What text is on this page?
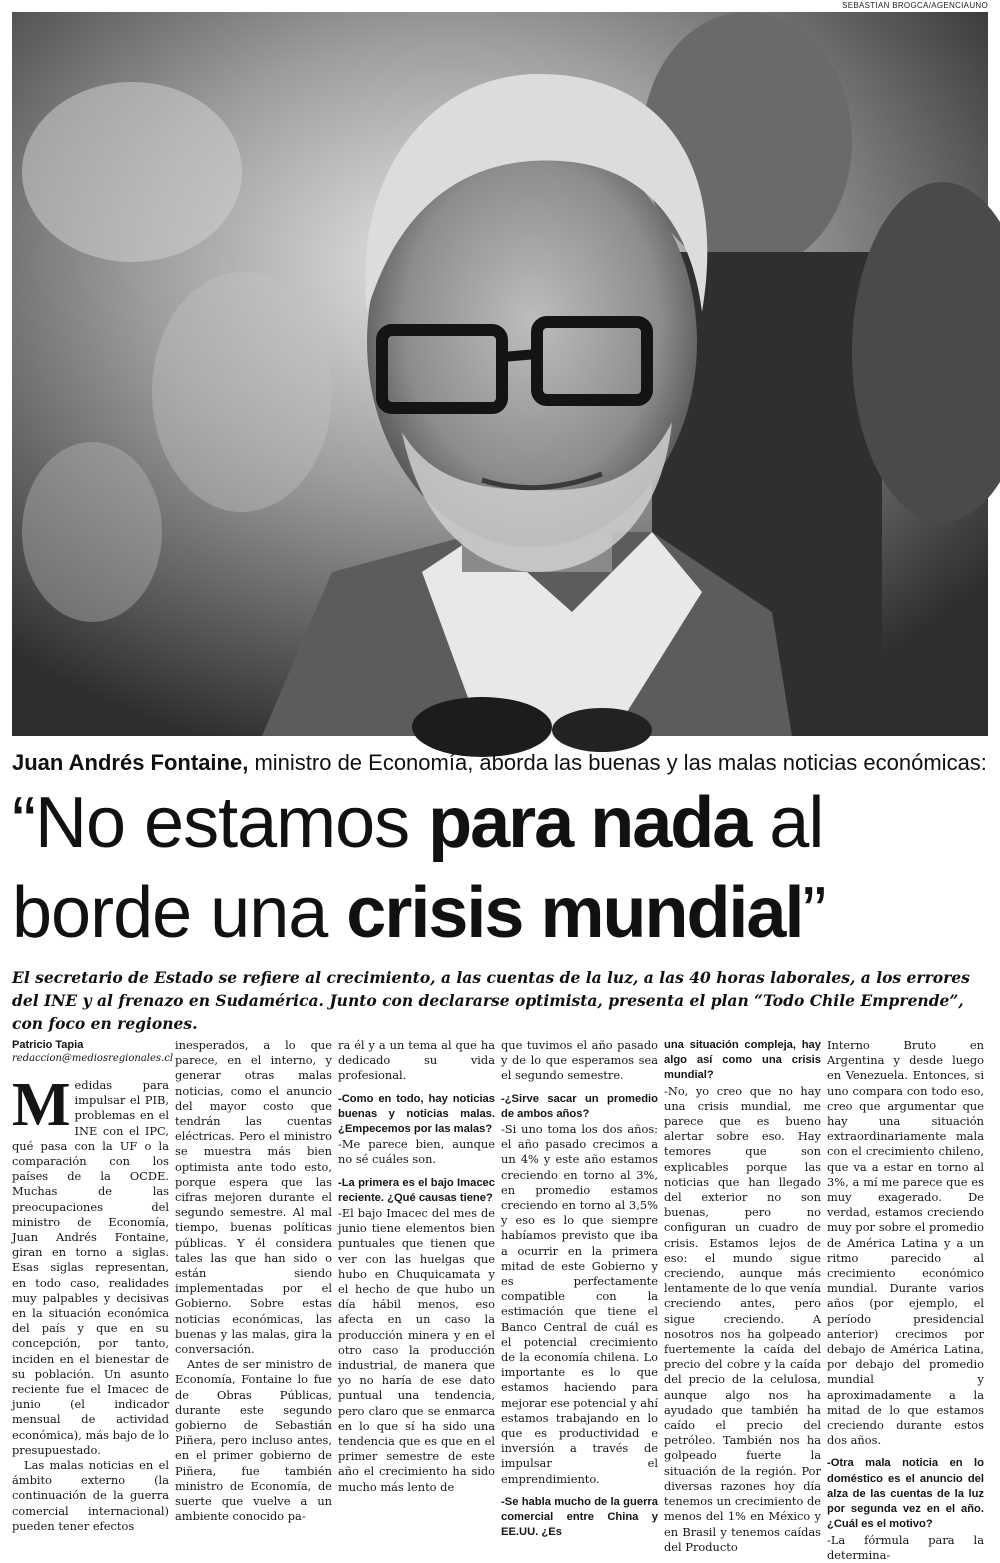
SEBASTIAN BROGCA/AGENCIAUNO
Juan Andrés Fontaine, ministro de Economía, aborda las buenas y las malas noticias económicas:
“No estamos para nada al
borde una crisis mundial”
El secretario de Estado se refiere al crecimiento, a las cuentas de la luz, a las 40 horas laborales, a los errores del INE y al frenazo en Sudamérica. Junto con declararse optimista, presenta el plan “Todo Chile Emprende”, con foco en regiones.
Patricio Tapia
redaccion@mediosregionales.cl
M edidas para impulsar el PIB, problemas en el INE con el IPC, qué pasa con la UF o la comparación con los países de la OCDE. Muchas de las preocupaciones del ministro de Economía, Juan Andrés Fontaine, giran en torno a siglas. Esas siglas representan, en todo caso, realidades muy palpables y decisivas en la situación económica del país y que en su concepción, por tanto, inciden en el bienestar de su población. Un asunto reciente fue el Imacec de junio (el indicador mensual de actividad económica), más bajo de lo presupuestado.

Las malas noticias en el ámbito externo (la continuación de la guerra comercial internacional) pueden tener efectos

inesperados, a lo que parece, en el interno, y generar otras malas noticias, como el anuncio del mayor costo que tendrán las cuentas eléctricas. Pero el ministro se muestra más bien optimista ante todo esto, porque espera que las cifras mejoren durante el segundo semestre. Al mal tiempo, buenas políticas públicas. Y él considera tales las que han sido o están siendo implementadas por el Gobierno. Sobre estas noticias económicas, las buenas y las malas, gira la conversación.

Antes de ser ministro de Economía, Fontaine lo fue de Obras Públicas, durante este segundo gobierno de Sebastián Piñera, pero incluso antes, en el primer gobierno de Piñera, fue también ministro de Economía, de suerte que vuelve a un ambiente conocido pa-

ra él y a un tema al que ha dedicado su vida profesional.

-Como en todo, hay noticias buenas y noticias malas. ¿Empecemos por las malas?

-Me parece bien, aunque no sé cuáles son.

-La primera es el bajo Imacec reciente. ¿Qué causas tiene?

-El bajo Imacec del mes de junio tiene elementos bien puntuales que tienen que ver con las huelgas que hubo en Chuquicamata y el hecho de que hubo un día hábil menos, eso afecta en un caso la producción minera y en el otro caso la producción industrial, de manera que yo no haría de ese dato puntual una tendencia, pero claro que se enmarca en lo que sí ha sido una tendencia que es que en el primer semestre de este año el crecimiento ha sido mucho más lento de

que tuvimos el año pasado y de lo que esperamos sea el segundo semestre.

-¿Sirve sacar un promedio de ambos años?

-Si uno toma los dos años: el año pasado crecimos a un 4% y este año estamos creciendo en torno al 3%, en promedio estamos creciendo en torno al 3,5% y eso es lo que siempre habíamos previsto que iba a ocurrir en la primera mitad de este Gobierno y es perfectamente compatible con la estimación que tiene el Banco Central de cuál es el potencial crecimiento de la economía chilena. Lo importante es lo que estamos haciendo para mejorar ese potencial y ahí estamos trabajando en lo que es productividad e inversión a través de impulsar el emprendimiento.

-Se habla mucho de la guerra comercial entre China y EE.UU. ¿Es

una situación compleja, hay algo así como una crisis mundial?

-No, yo creo que no hay una crisis mundial, me parece que es bueno alertar sobre eso. Hay temores que son explicables porque las noticias que han llegado del exterior no son buenas, pero no configuran un cuadro de crisis. Estamos lejos de eso: el mundo sigue creciendo, aunque más lentamente de lo que venía creciendo antes, pero sigue creciendo. A nosotros nos ha golpeado fuertemente la caída del precio del cobre y la caída del precio de la celulosa, aunque algo nos ha ayudado que también ha caído el precio del petróleo. También nos ha golpeado fuerte la situación de la región. Por diversas razones hoy día tenemos un crecimiento de menos del 1% en México y en Brasil y tenemos caídas del Producto

Interno Bruto en Argentina y desde luego en Venezuela. Entonces, si uno compara con todo eso, creo que argumentar que hay una situación extraordinariamente mala con el crecimiento chileno, que va a estar en torno al 3%, a mí me parece que es muy exagerado. De verdad, estamos creciendo muy por sobre el promedio de América Latina y a un ritmo parecido al crecimiento económico mundial. Durante varios años (por ejemplo, el período presidencial anterior) crecimos por debajo de América Latina, por debajo del promedio mundial y aproximadamente a la mitad de lo que estamos creciendo durante estos dos años.

-Otra mala noticia en lo doméstico es el anuncio del alza de las cuentas de la luz por segunda vez en el año. ¿Cuál es el motivo?

-La fórmula para la determina-
